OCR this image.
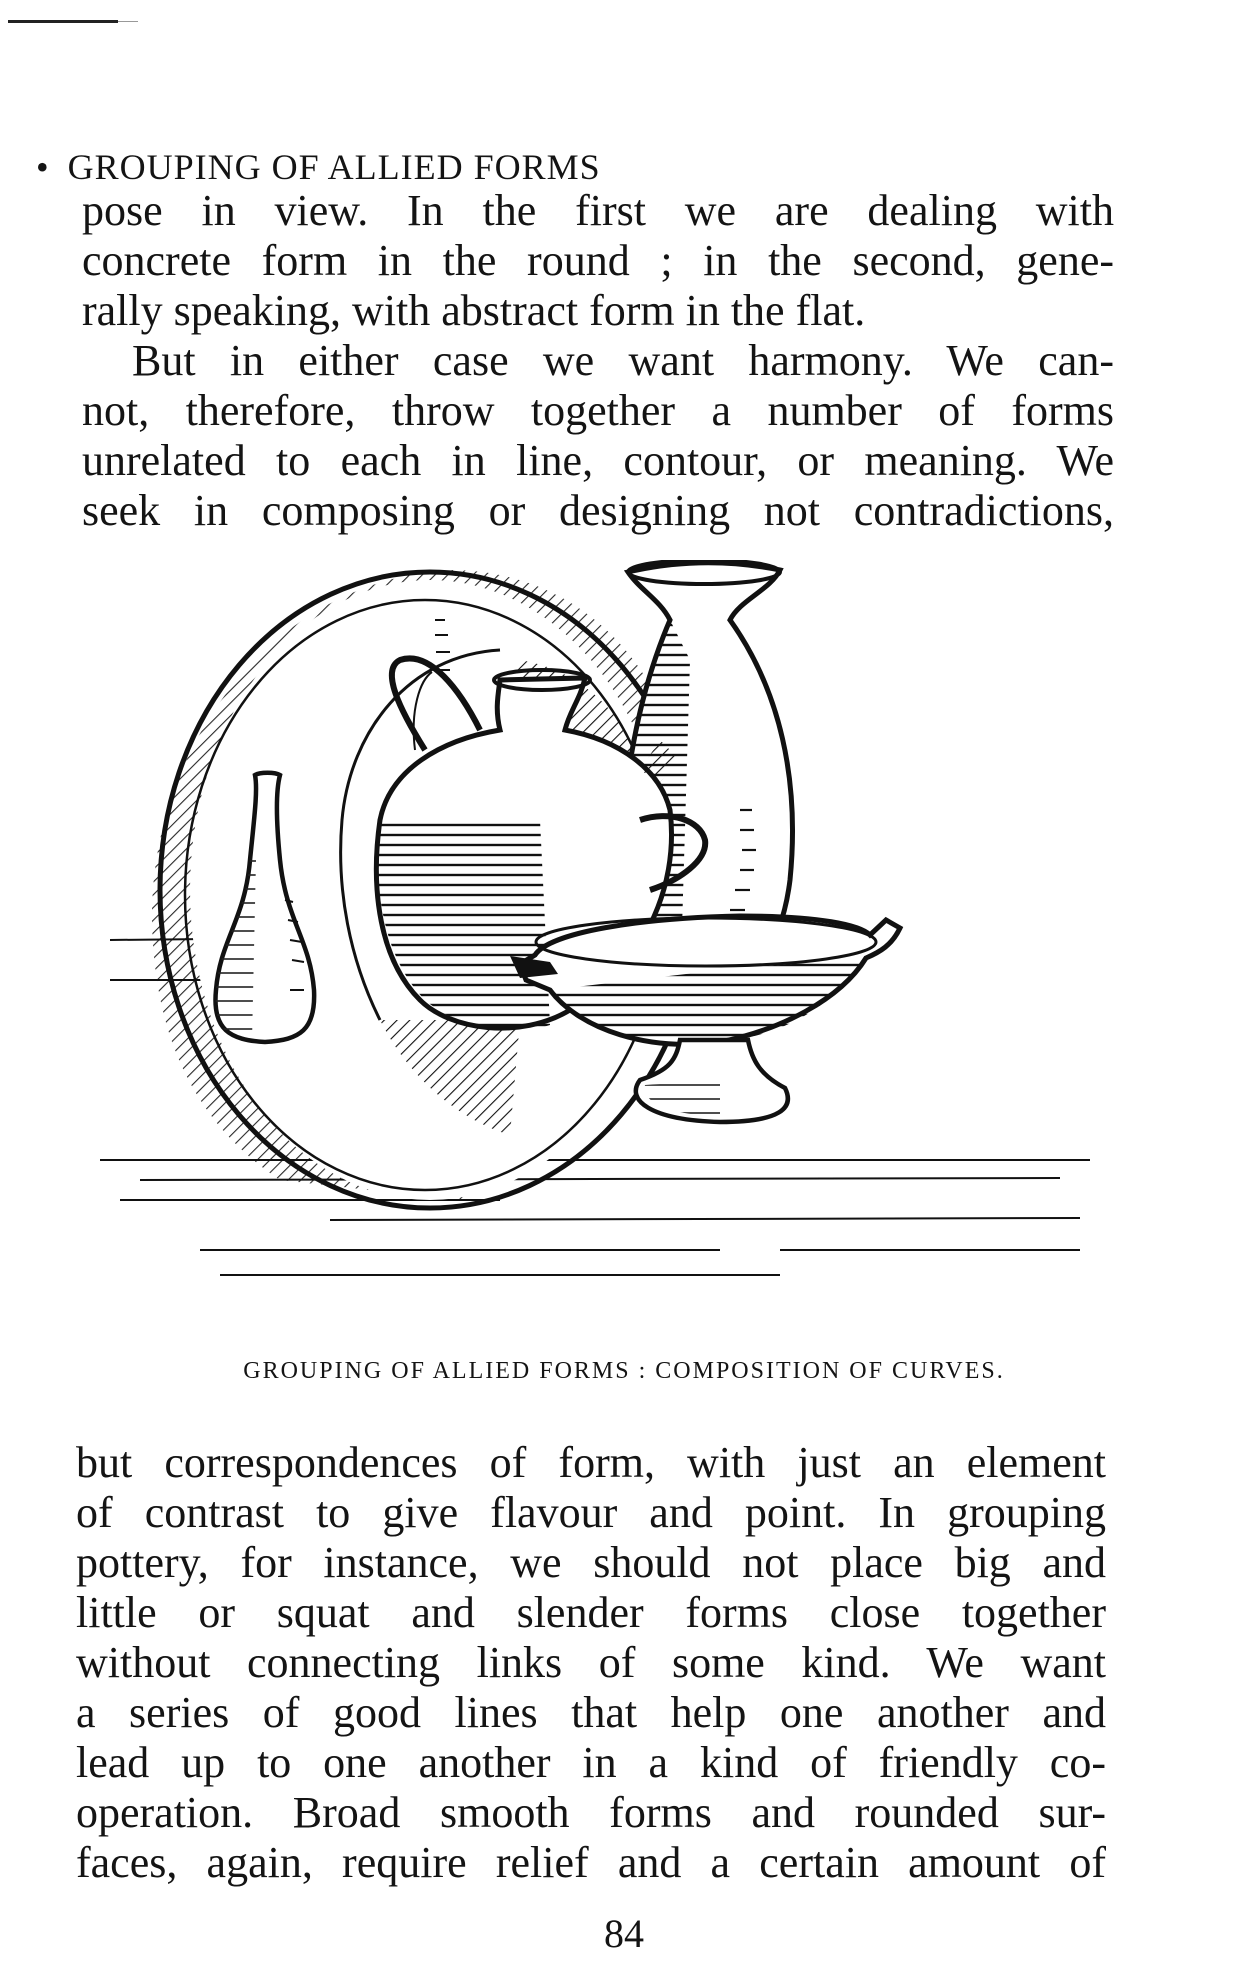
• GROUPING OF ALLIED FORMS
pose in view. In the first we are dealing with
concrete form in the round ; in the second, gene-
rally speaking, with abstract form in the flat.
But in either case we want harmony. We can-
not, therefore, throw together a number of forms
unrelated to each in line, contour, or meaning. We
seek in composing or designing not contradictions,
GROUPING OF ALLIED FORMS : COMPOSITION OF CURVES.
but correspondences of form, with just an element
of contrast to give flavour and point. In grouping
pottery, for instance, we should not place big and
little or squat and slender forms close together
without connecting links of some kind. We want
a series of good lines that help one another and
lead up to one another in a kind of friendly co-
operation. Broad smooth forms and rounded sur-
faces, again, require relief and a certain amount of
84
